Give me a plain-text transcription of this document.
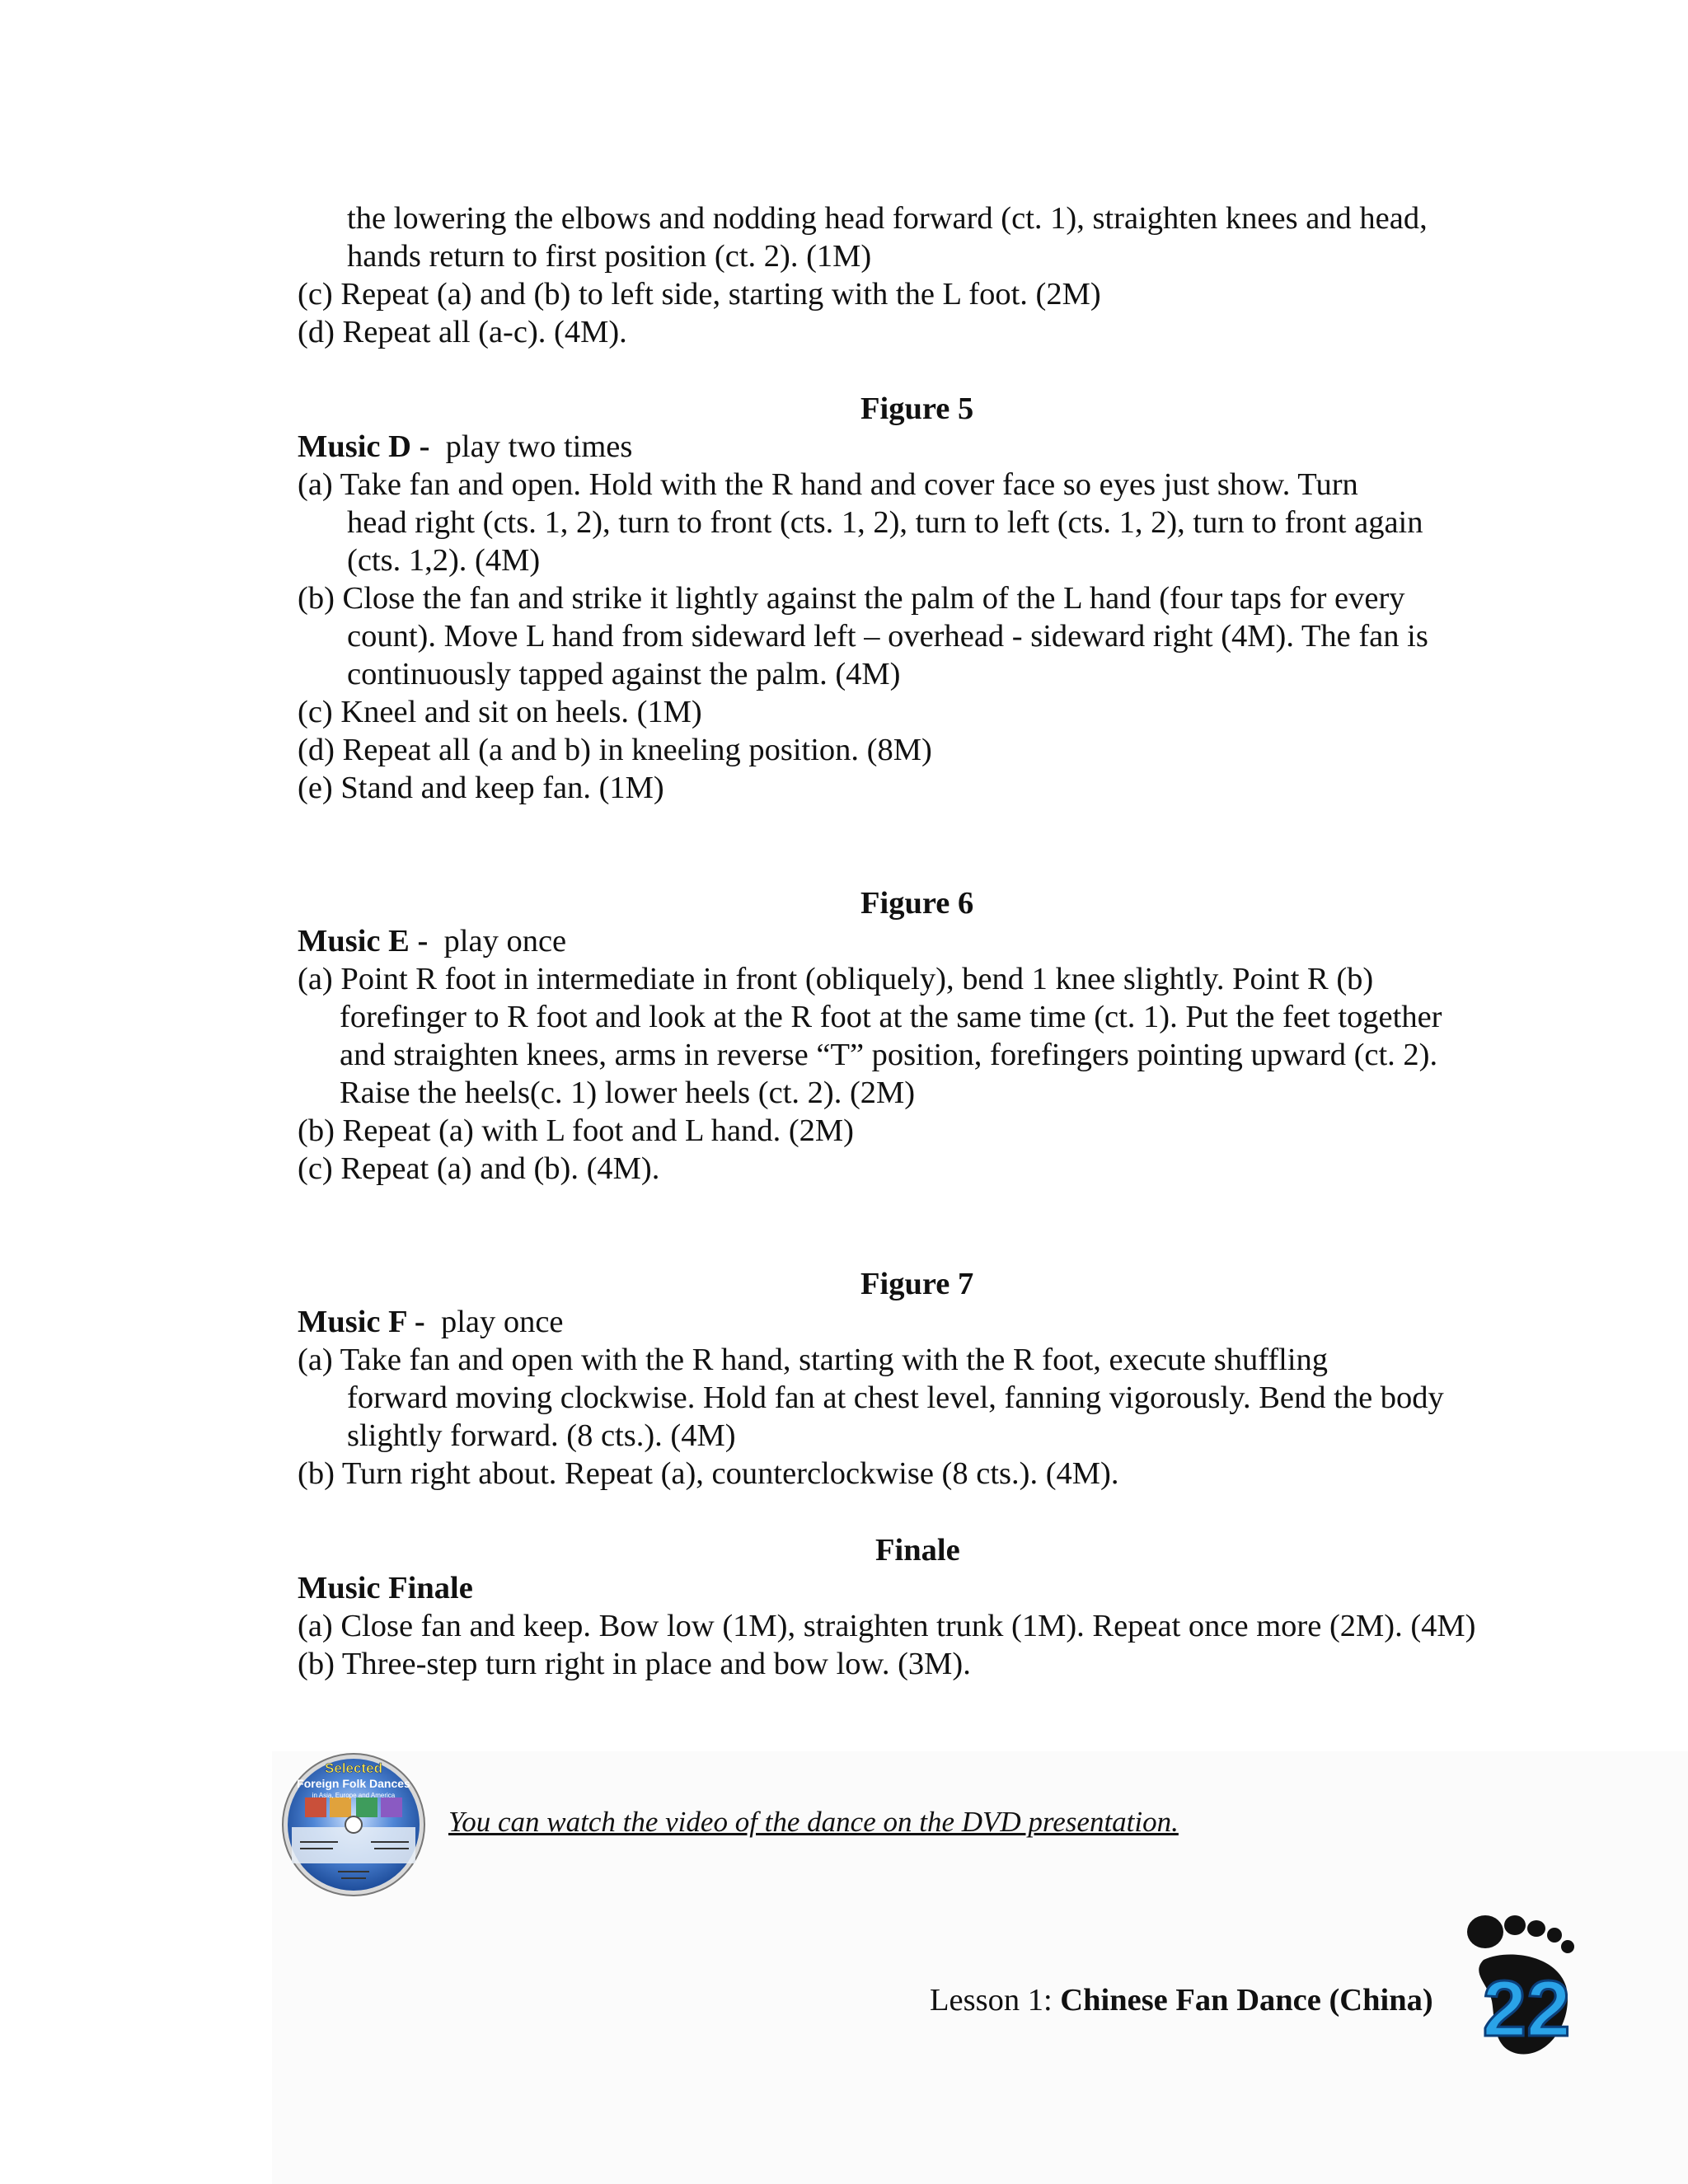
the lowering the elbows and nodding head forward (ct. 1), straighten knees and head,
hands return to first position (ct. 2). (1M)
(c) Repeat (a) and (b) to left side, starting with the L foot. (2M)
(d) Repeat all (a-c). (4M).
Figure 5
Music D - play two times
(a) Take fan and open. Hold with the R hand and cover face so eyes just show. Turn
head right (cts. 1, 2), turn to front (cts. 1, 2), turn to left (cts. 1, 2), turn to front again
(cts. 1,2). (4M)
(b) Close the fan and strike it lightly against the palm of the L hand (four taps for every
count). Move L hand from sideward left – overhead - sideward right (4M). The fan is
continuously tapped against the palm. (4M)
(c) Kneel and sit on heels. (1M)
(d) Repeat all (a and b) in kneeling position. (8M)
(e) Stand and keep fan. (1M)
Figure 6
Music E - play once
(a) Point R foot in intermediate in front (obliquely), bend 1 knee slightly. Point R (b)
forefinger to R foot and look at the R foot at the same time (ct. 1). Put the feet together
and straighten knees, arms in reverse “T” position, forefingers pointing upward (ct. 2).
Raise the heels(c. 1) lower heels (ct. 2). (2M)
(b) Repeat (a) with L foot and L hand. (2M)
(c) Repeat (a) and (b). (4M).
Figure 7
Music F - play once
(a) Take fan and open with the R hand, starting with the R foot, execute shuffling
forward moving clockwise. Hold fan at chest level, fanning vigorously. Bend the body
slightly forward. (8 cts.). (4M)
(b) Turn right about. Repeat (a), counterclockwise (8 cts.). (4M).
Finale
Music Finale
(a) Close fan and keep. Bow low (1M), straighten trunk (1M). Repeat once more (2M). (4M)
(b) Three-step turn right in place and bow low. (3M).
Selected
Foreign Folk Dances
in Asia, Europe and America
You can watch the video of the dance on the DVD presentation.
Lesson 1: Chinese Fan Dance (China) 22
